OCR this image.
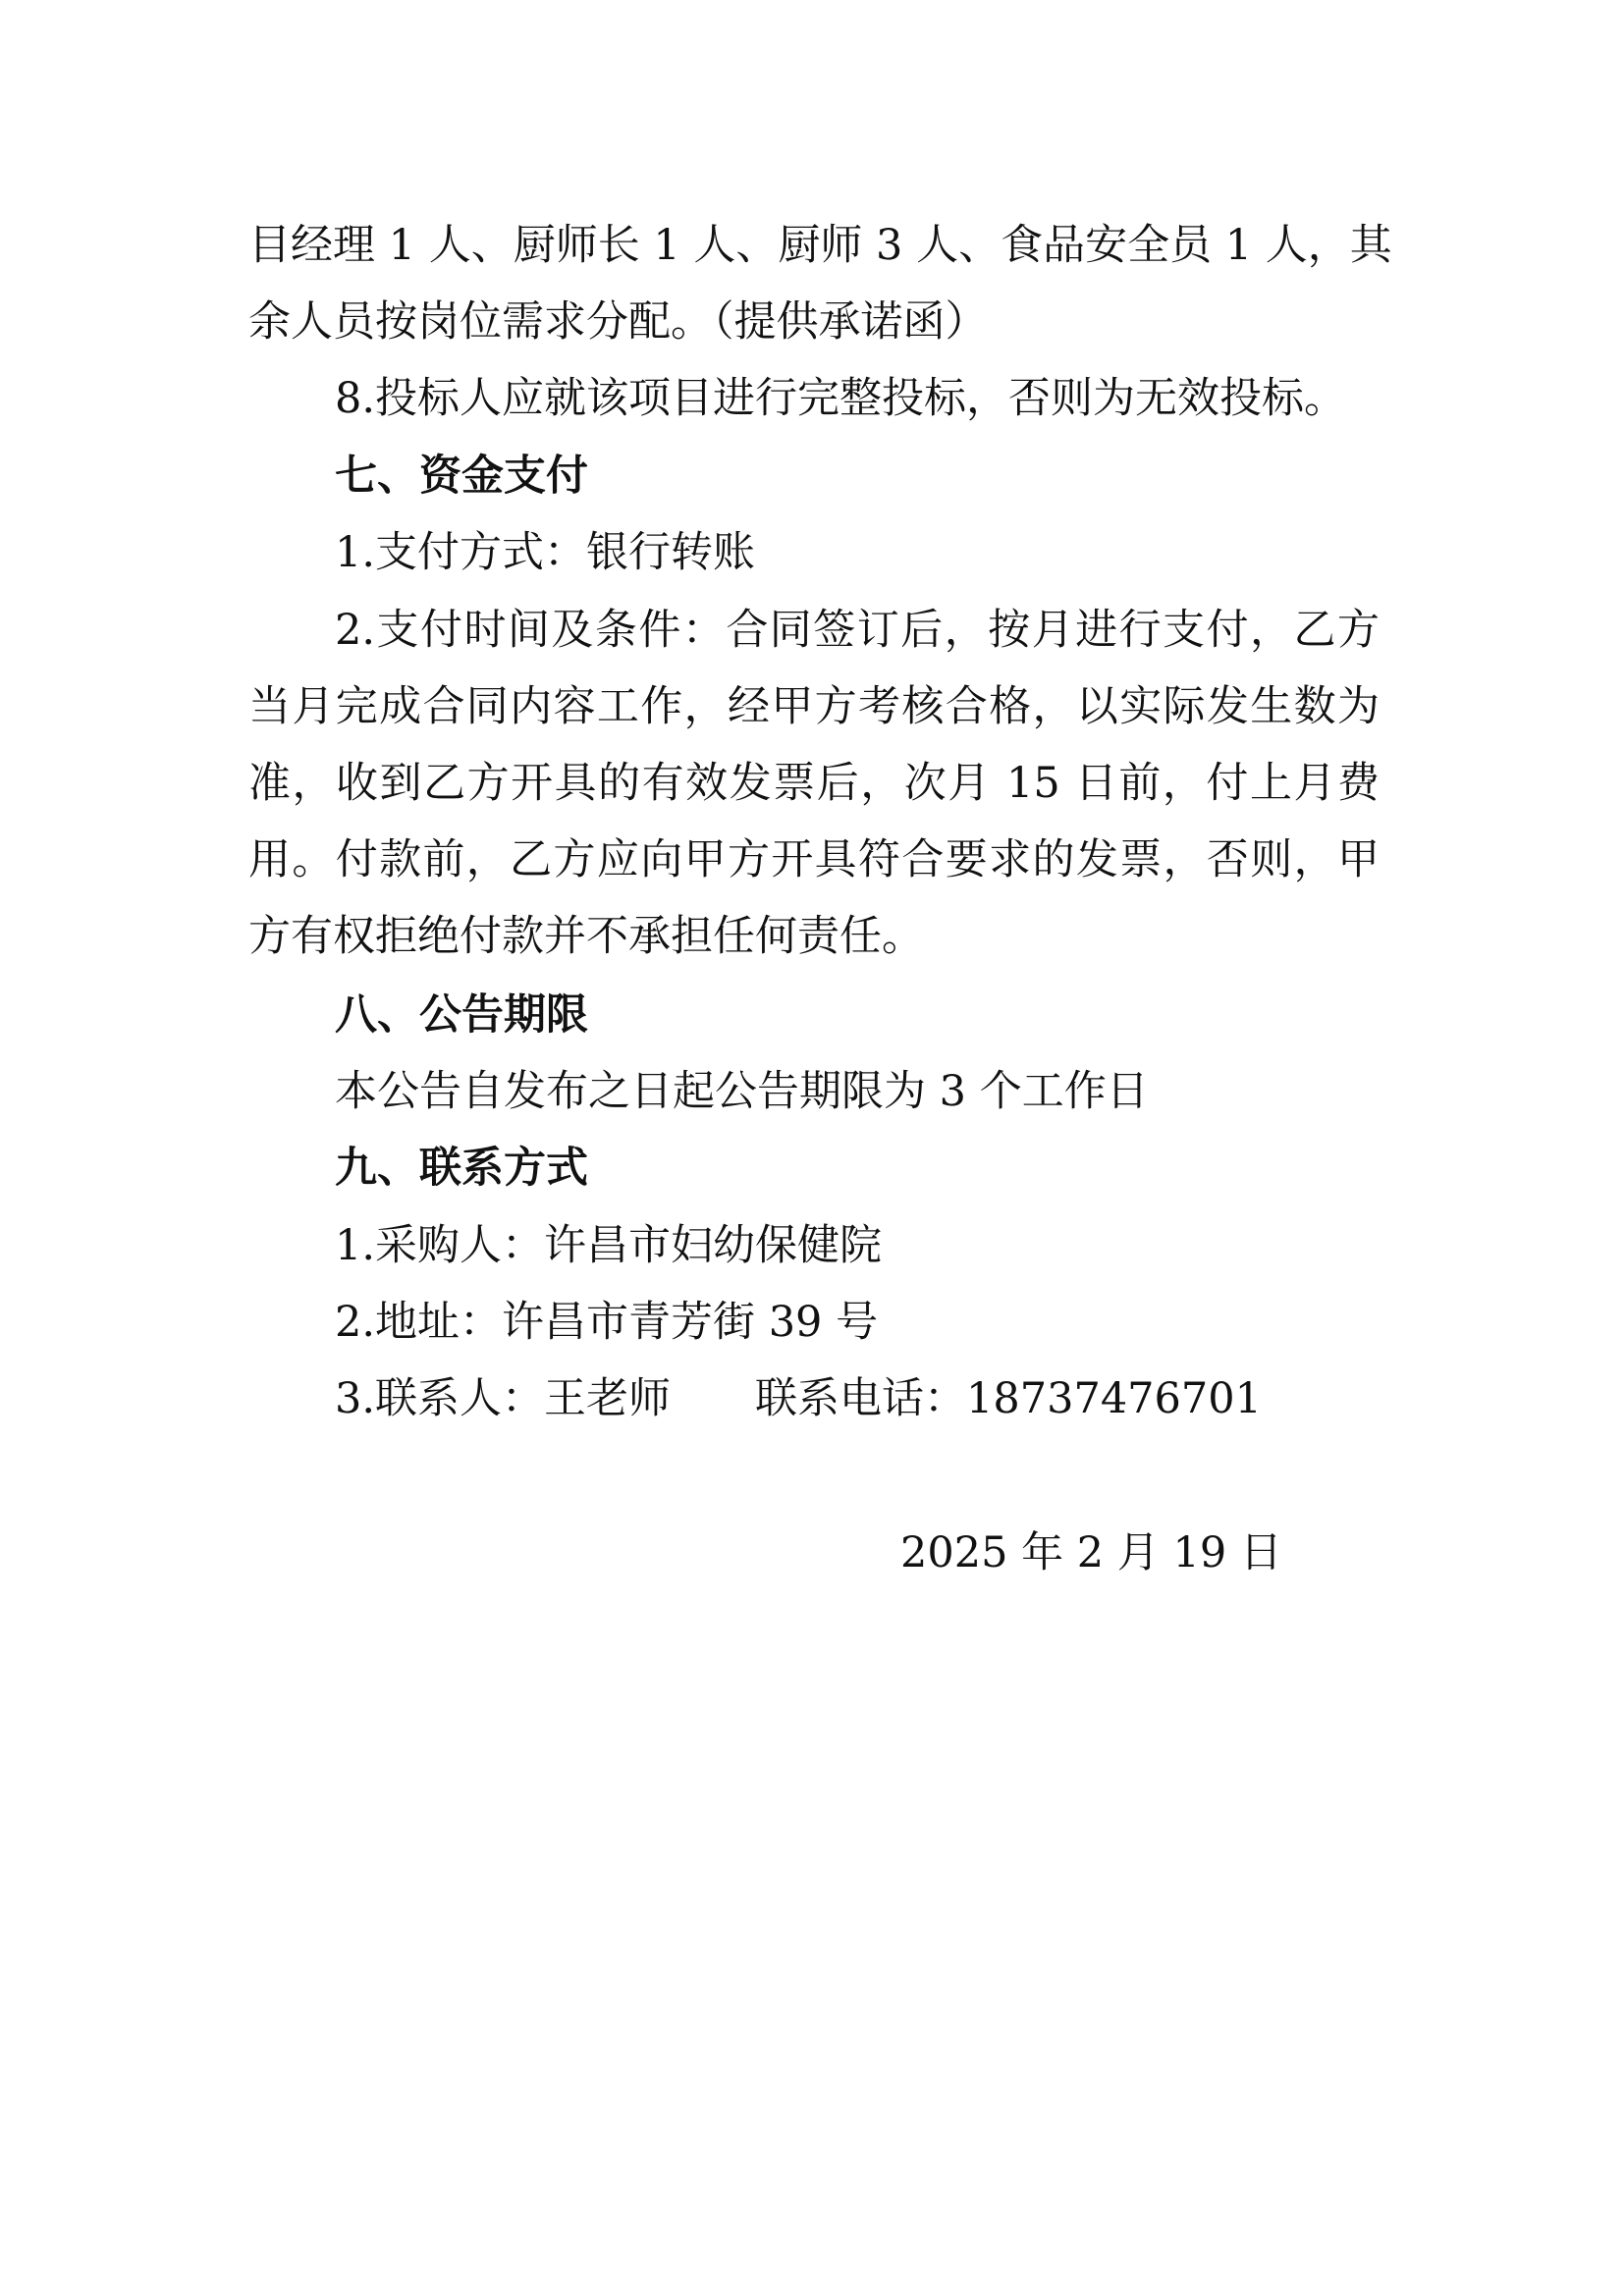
目经理 1 人、厨师长 1 人、厨师 3 人、食品安全员 1 人，其
余人员按岗位需求分配。（提供承诺函）
8.投标人应就该项目进行完整投标，否则为无效投标。
七、资金支付
1.支付方式：银行转账
2.支付时间及条件：合同签订后，按月进行支付，乙方
当月完成合同内容工作，经甲方考核合格，以实际发生数为
准，收到乙方开具的有效发票后，次月 15 日前，付上月费
用。付款前，乙方应向甲方开具符合要求的发票，否则，甲
方有权拒绝付款并不承担任何责任。
八、公告期限
本公告自发布之日起公告期限为 3 个工作日
九、联系方式
1.采购人：许昌市妇幼保健院
2.地址：许昌市青芳街 39 号
3.联系人：王老师 联系电话：18737476701
2025 年 2 月 19 日
